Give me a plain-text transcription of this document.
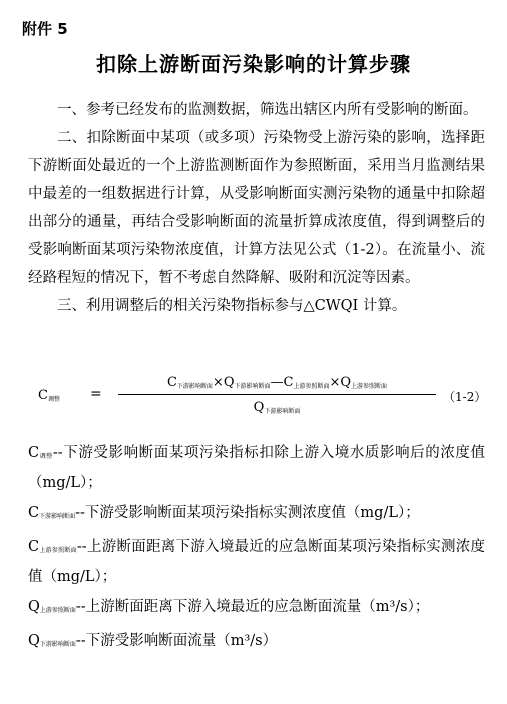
附件 5
扣除上游断面污染影响的计算步骤

一、参考已经发布的监测数据，筛选出辖区内所有受影响的断面。

二、扣除断面中某项（或多项）污染物受上游污染的影响，选择距下游断面处最近的一个上游监测断面作为参照断面，采用当月监测结果中最差的一组数据进行计算，从受影响断面实测污染物的通量中扣除超出部分的通量，再结合受影响断面的流量折算成浓度值，得到调整后的受影响断面某项污染物浓度值，计算方法见公式（1-2）。在流量小、流经路程短的情况下，暂不考虑自然降解、吸附和沉淀等因素。

三、利用调整后的相关污染物指标参与△CWQI 计算。

$C_{调整}$ =
$C_{下游影响断面}\times Q_{下游影响断面}—C_{上游参照断面}\times Q_{上游参照断面}$
$Q_{下游影响断面}$
（1-2）

$C_{调整}--$下游受影响断面某项污染指标扣除上游入境水质影响后的浓度值（mg/L）；

$C_{下游影响断面}--$下游受影响断面某项污染指标实测浓度值（mg/L）；

$C_{上游参照断面}--$上游断面距离下游入境最近的应急断面某项污染指标实测浓度值（mg/L）；

$Q_{上游参照断面}--$上游断面距离下游入境最近的应急断面流量（m³/s）；

$Q_{下游影响断面}--$下游受影响断面流量（m³/s）
